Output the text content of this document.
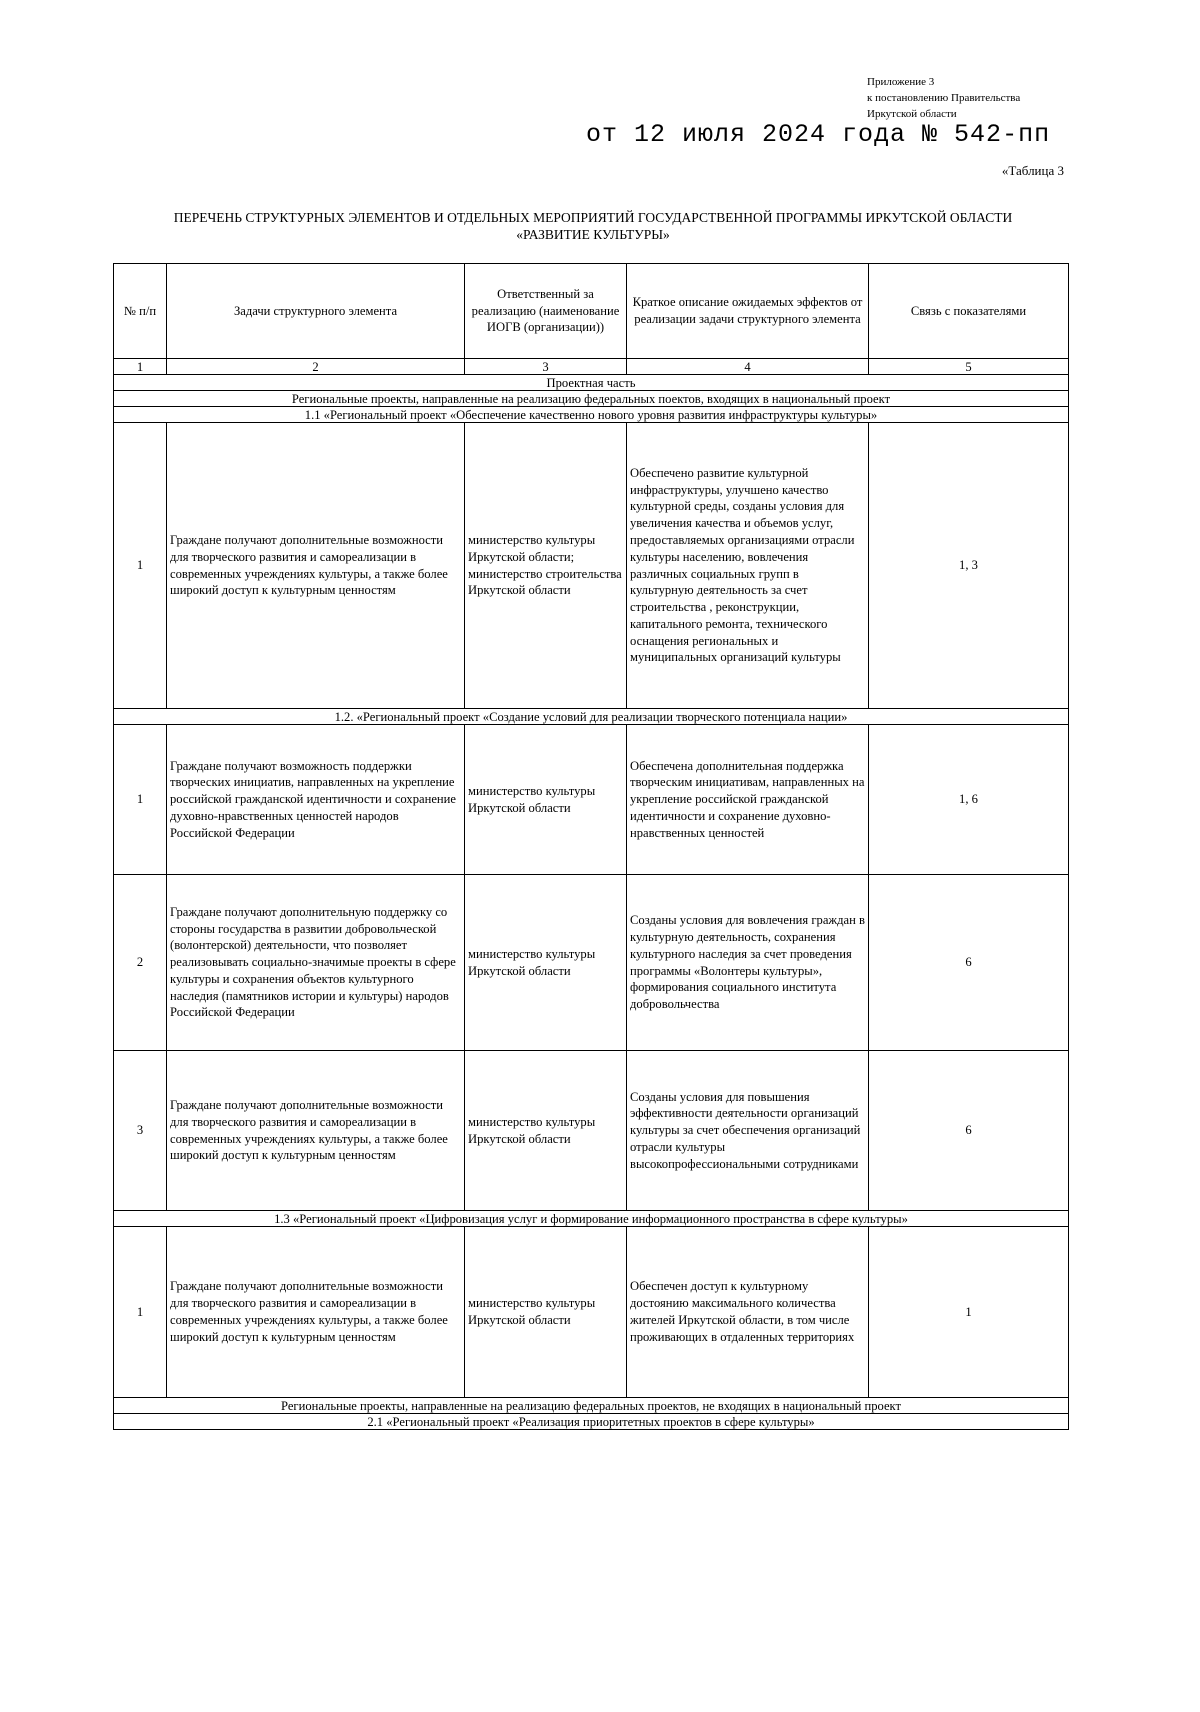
Приложение 3
к постановлению Правительства
Иркутской области
от 12 июля 2024 года № 542-пп
«Таблица 3
ПЕРЕЧЕНЬ СТРУКТУРНЫХ ЭЛЕМЕНТОВ И ОТДЕЛЬНЫХ МЕРОПРИЯТИЙ ГОСУДАРСТВЕННОЙ ПРОГРАММЫ ИРКУТСКОЙ ОБЛАСТИ
«РАЗВИТИЕ КУЛЬТУРЫ»
№ п/п	Задачи структурного элемента	Ответственный за реализацию (наименование ИОГВ (организации))	Краткое описание ожидаемых эффектов от реализации задачи структурного элемента	Связь с показателями
1	2	3	4	5
Проектная часть				
Региональные проекты, направленные на реализацию федеральных поектов, входящих в национальный проект				
1.1 «Региональный проект «Обеспечение качественно нового уровня развития инфраструктуры культуры»				
1	Граждане получают дополнительные возможности для творческого развития и самореализации в современных учреждениях культуры, а также более широкий доступ к культурным ценностям	министерство культуры Иркутской области; министерство строительства Иркутской области	Обеспечено развитие культурной инфраструктуры, улучшено качество культурной среды, созданы условия для увеличения качества и объемов услуг, предоставляемых организациями отрасли культуры населению, вовлечения различных социальных групп в культурную деятельность за счет строительства , реконструкции, капитального ремонта, технического оснащения региональных и муниципальных организаций культуры	1, 3
1.2. «Региональный проект «Создание условий для реализации творческого потенциала нации»				
1	Граждане получают возможность поддержки творческих инициатив, направленных на укрепление российской гражданской идентичности и сохранение духовно-нравственных ценностей народов Российской Федерации	министерство культуры Иркутской области	Обеспечена дополнительная поддержка творческим инициативам, направленных на укрепление российской гражданской идентичности и сохранение духовно-нравственных ценностей	1, 6
2	Граждане получают дополнительную поддержку со стороны государства в развитии добровольческой (волонтерской) деятельности, что позволяет реализовывать социально-значимые проекты в сфере культуры и сохранения объектов культурного наследия (памятников истории и культуры) народов Российской Федерации	министерство культуры Иркутской области	Созданы условия для вовлечения граждан в культурную деятельность, сохранения культурного наследия за счет проведения программы «Волонтеры культуры», формирования социального института добровольчества	6
3	Граждане получают дополнительные возможности для творческого развития и самореализации в современных учреждениях культуры, а также более широкий доступ к культурным ценностям	министерство культуры Иркутской области	Созданы условия для повышения эффективности деятельности организаций культуры за счет обеспечения организаций отрасли культуры высокопрофессиональными сотрудниками	6
1.3 «Региональный проект «Цифровизация услуг и формирование информационного пространства в сфере культуры»				
1	Граждане получают дополнительные возможности для творческого развития и самореализации в современных учреждениях культуры, а также более широкий доступ к культурным ценностям	министерство культуры Иркутской области	Обеспечен доступ к культурному достоянию максимального количества жителей Иркутской области, в том числе проживающих в отдаленных территориях	1
Региональные проекты, направленные на реализацию федеральных проектов, не входящих в национальный проект				
2.1 «Региональный проект «Реализация приоритетных проектов в сфере культуры»				
